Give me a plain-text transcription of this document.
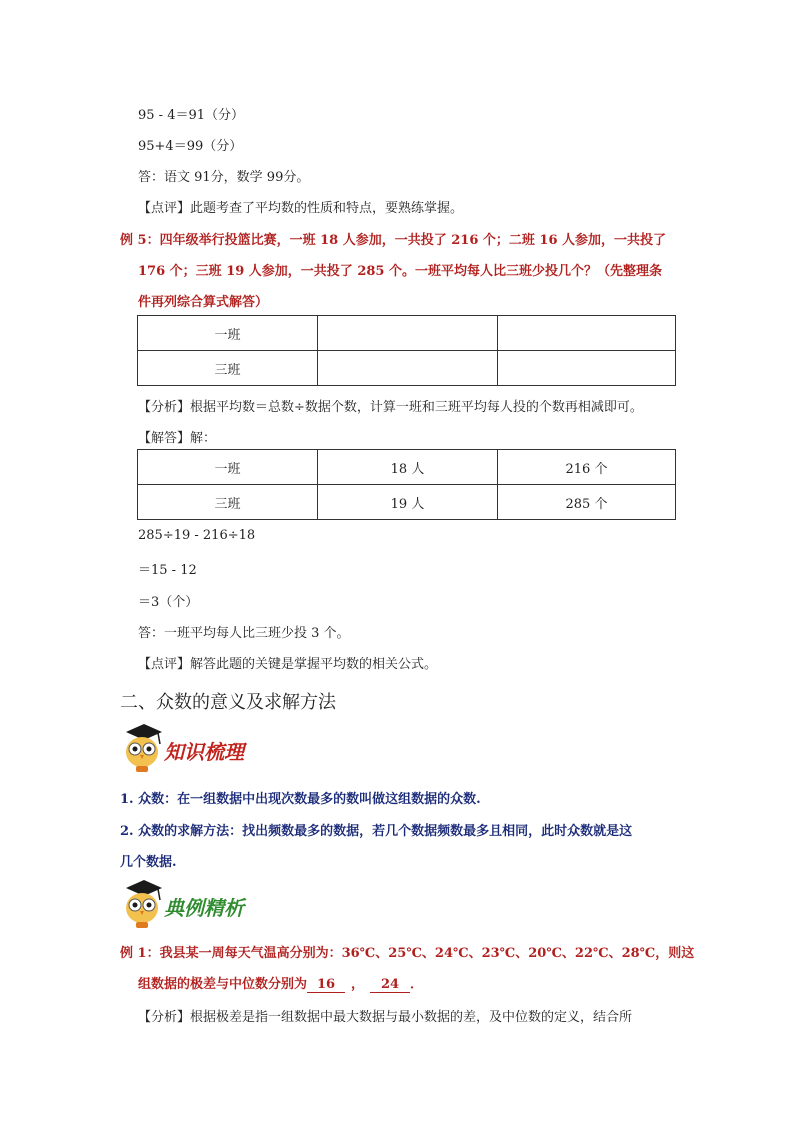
95 - 4＝91（分）
95+4＝99（分）
答：语文 91分，数学 99分。
【点评】此题考查了平均数的性质和特点，要熟练掌握。
例 5：四年级举行投篮比赛，一班 18 人参加，一共投了 216 个；二班 16 人参加，一共投了
176 个；三班 19 人参加，一共投了 285 个。一班平均每人比三班少投几个？（先整理条
件再列综合算式解答）
一班		
三班		
【分析】根据平均数＝总数÷数据个数，计算一班和三班平均每人投的个数再相减即可。
【解答】解：
一班	18 人	216 个
三班	19 人	285 个
285÷19 - 216÷18
＝15 - 12
＝3（个）
答：一班平均每人比三班少投 3 个。
【点评】解答此题的关键是掌握平均数的相关公式。
二、众数的意义及求解方法
知识梳理
1. 众数：在一组数据中出现次数最多的数叫做这组数据的众数.
2. 众数的求解方法：找出频数最多的数据，若几个数据频数最多且相同，此时众数就是这
几个数据.
典例精析
例 1：我县某一周每天气温高分别为：36℃、25℃、24℃、23℃、20℃、22℃、28℃，则这
组数据的极差与中位数分别为 16 ， 24 ．
【分析】根据极差是指一组数据中最大数据与最小数据的差，及中位数的定义，结合所
